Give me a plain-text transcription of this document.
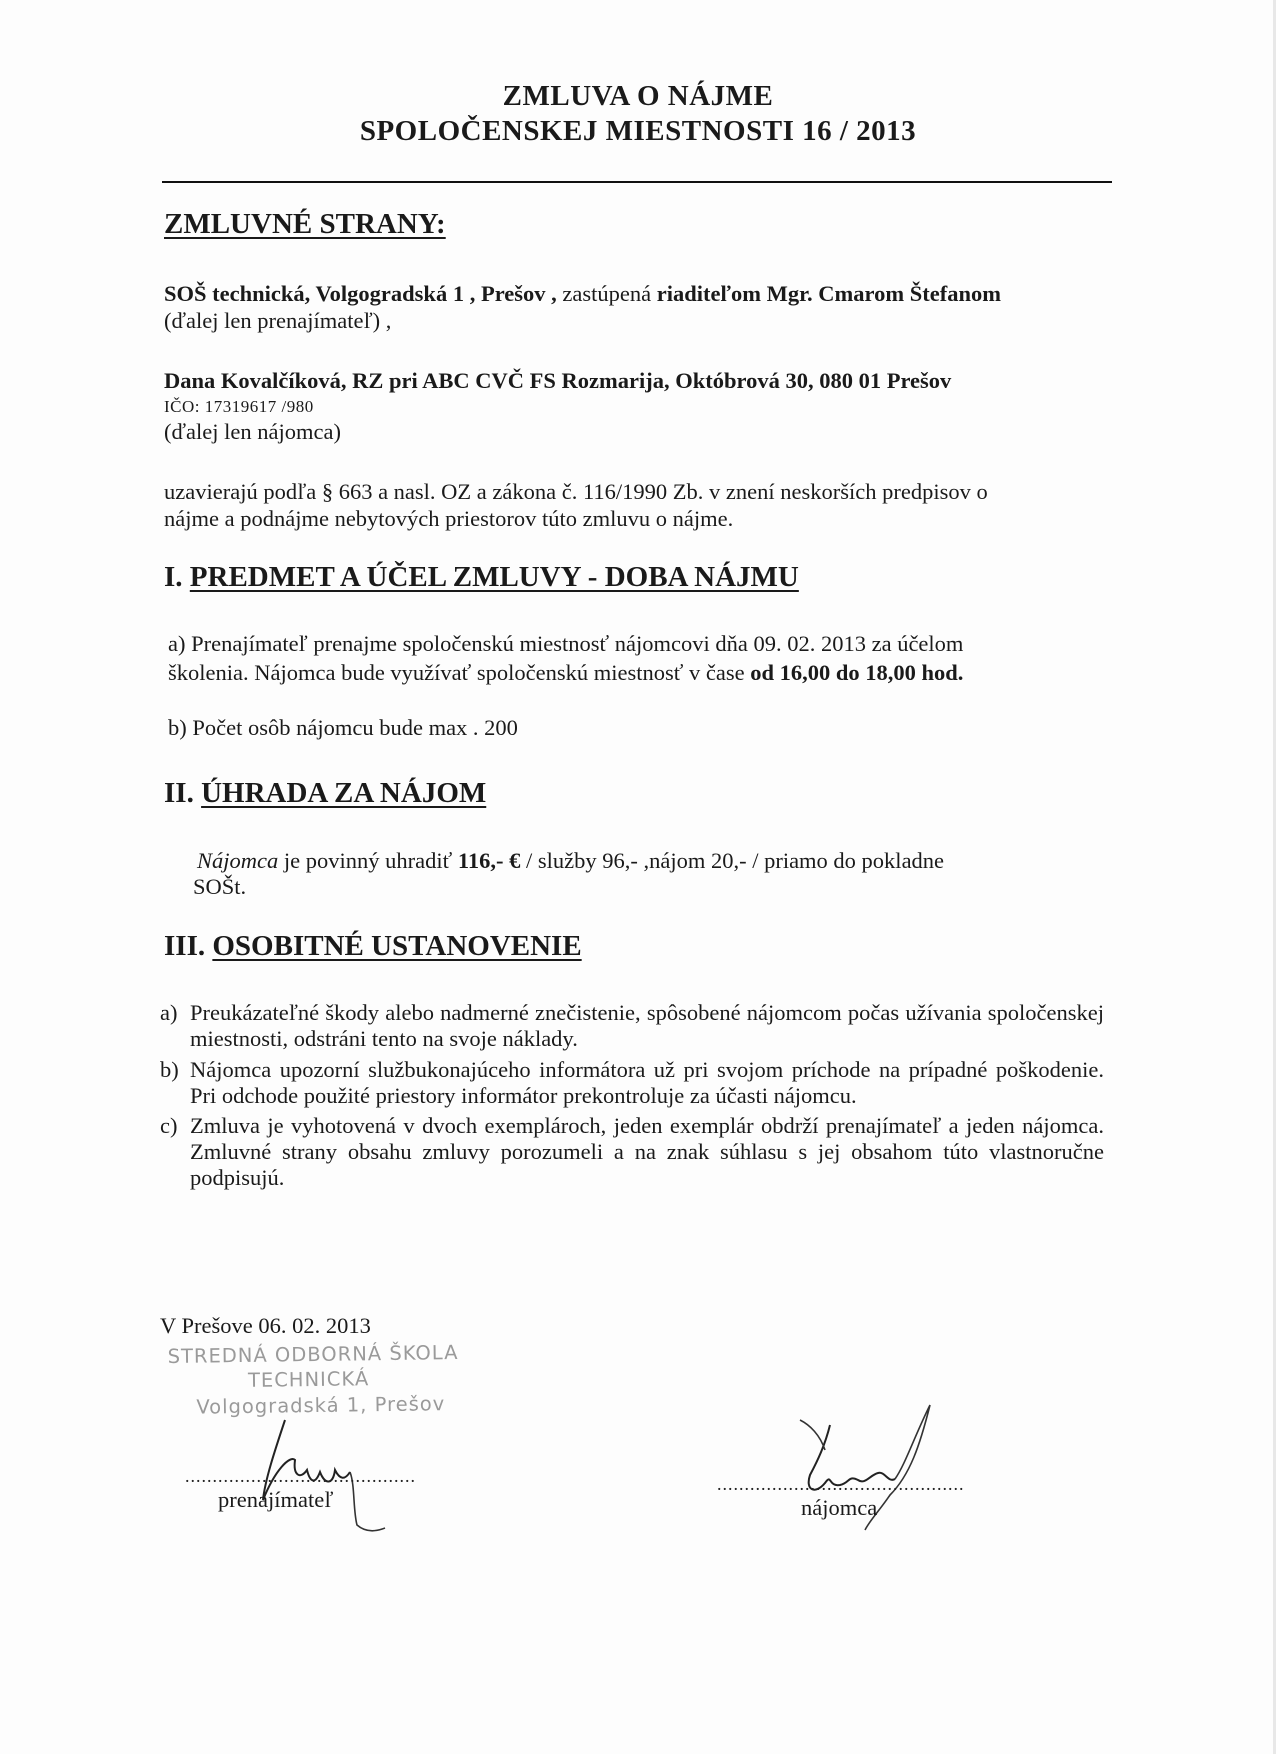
ZMLUVA O NÁJME
SPOLOČENSKEJ MIESTNOSTI 16 / 2013
ZMLUVNÉ STRANY:
SOŠ technická, Volgogradská 1 , Prešov , zastúpená riaditeľom Mgr. Cmarom Štefanom
(ďalej len prenajímateľ) ,
Dana Kovalčíková, RZ pri ABC CVČ FS Rozmarija, Októbrová 30, 080 01 Prešov
IČO: 17319617 /980
(ďalej len nájomca)
uzavierajú podľa § 663 a nasl. OZ a zákona č. 116/1990 Zb. v znení neskorších predpisov o
nájme a podnájme nebytových priestorov túto zmluvu o nájme.
I. PREDMET A ÚČEL ZMLUVY - DOBA NÁJMU
a) Prenajímateľ prenajme spoločenskú miestnosť nájomcovi dňa 09. 02. 2013 za účelom
školenia. Nájomca bude využívať spoločenskú miestnosť v čase od 16,00 do 18,00 hod.
b) Počet osôb nájomcu bude max . 200
II. ÚHRADA ZA NÁJOM
Nájomca je povinný uhradiť 116,- € / služby 96,- ,nájom 20,- / priamo do pokladne
SOŠt.
III. OSOBITNÉ USTANOVENIE
a) Preukázateľné škody alebo nadmerné znečistenie, spôsobené nájomcom počas užívania spoločenskej miestnosti, odstráni tento na svoje náklady.
b) Nájomca upozorní službukonajúceho informátora už pri svojom príchode na prípadné poškodenie. Pri odchode použité priestory informátor prekontroluje za účasti nájomcu.
c) Zmluva je vyhotovená v dvoch exemplároch, jeden exemplár obdrží prenajímateľ a jeden nájomca. Zmluvné strany obsahu zmluvy porozumeli a na znak súhlasu s jej obsahom túto vlastnoručne podpisujú.
V Prešove 06. 02. 2013
STREDNÁ ODBORNÁ ŠKOLA
TECHNICKÁ
Volgogradská 1, Prešov
..........................................
prenajímateľ
.............................................
nájomca
